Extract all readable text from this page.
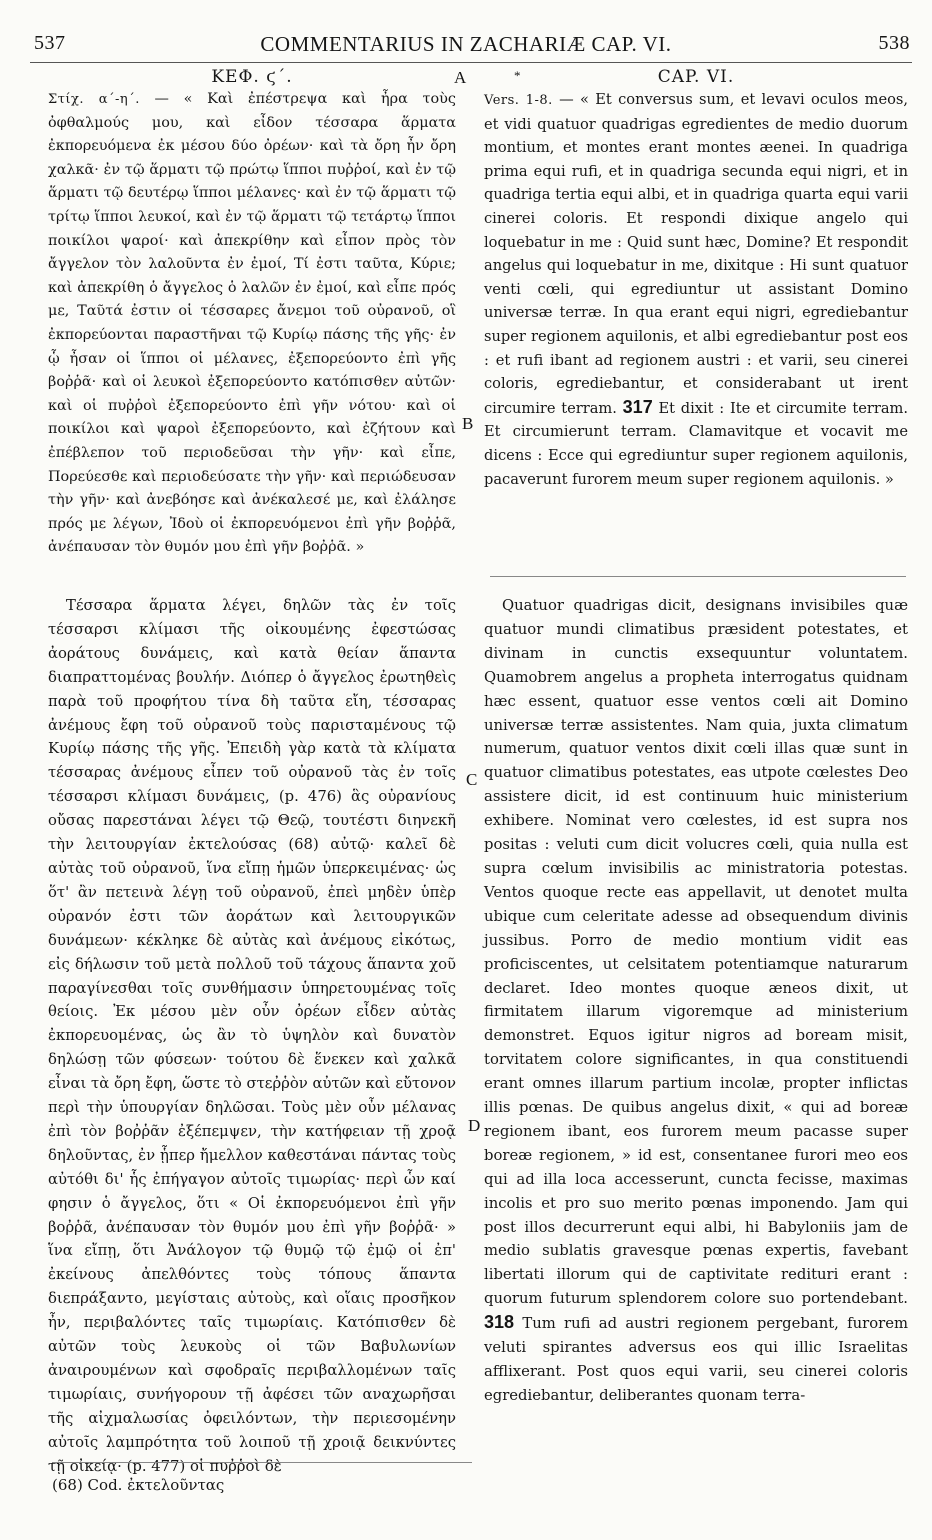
537	COMMENTARIUS IN ZACHARIÆ CAP. VI.	538

ΚΕΦ. ϛ΄.

Στίχ. α΄-η΄. — « Καὶ ἐπέστρεψα καὶ ἦρα τοὺς ὀφθαλμούς μου, καὶ εἶδον τέσσαρα ἅρματα ἐκπορευόμενα ἐκ μέσου δύο ὀρέων· καὶ τὰ ὄρη ἦν ὄρη χαλκᾶ· ἐν τῷ ἅρματι τῷ πρώτῳ ἵπποι πυῤῥοί, καὶ ἐν τῷ ἅρματι τῷ δευτέρῳ ἵπποι μέλανες· καὶ ἐν τῷ ἅρματι τῷ τρίτῳ ἵπποι λευκοί, καὶ ἐν τῷ ἅρματι τῷ τετάρτῳ ἵπποι ποικίλοι ψαροί· καὶ ἀπεκρίθην καὶ εἶπον πρὸς τὸν ἄγγελον τὸν λαλοῦντα ἐν ἐμοί, Τί ἐστι ταῦτα, Κύριε; καὶ ἀπεκρίθη ὁ ἄγγελος ὁ λαλῶν ἐν ἐμοί, καὶ εἶπε πρός με, Ταῦτά ἐστιν οἱ τέσσαρες ἄνεμοι τοῦ οὐρανοῦ, οἳ ἐκπορεύονται παραστῆναι τῷ Κυρίῳ πάσης τῆς γῆς· ἐν ᾧ ἦσαν οἱ ἵπποι οἱ μέλανες, ἐξεπορεύοντο ἐπὶ γῆς βοῤῥᾶ· καὶ οἱ λευκοὶ ἐξεπορεύοντο κατόπισθεν αὐτῶν· καὶ οἱ πυῤῥοὶ ἐξεπορεύοντο ἐπὶ γῆν νότου· καὶ οἱ ποικίλοι καὶ ψαροὶ ἐξεπορεύοντο, καὶ ἐζήτουν καὶ ἐπέβλεπον τοῦ περιοδεῦσαι τὴν γῆν· καὶ εἶπε, Πορεύεσθε καὶ περιοδεύσατε τὴν γῆν· καὶ περιώδευσαν τὴν γῆν· καὶ ἀνεβόησε καὶ ἀνέκαλεσέ με, καὶ ἐλάλησε πρός με λέγων, Ἰδοὺ οἱ ἐκπορευόμενοι ἐπὶ γῆν βοῤῥᾶ, ἀνέπαυσαν τὸν θυμόν μου ἐπὶ γῆν βοῤῥᾶ. »

CAP. VI.

Vers. 1-8. — « Et conversus sum, et levavi oculos meos, et vidi quatuor quadrigas egredientes de medio duorum montium, et montes erant montes æenei. In quadriga prima equi rufi, et in quadriga secunda equi nigri, et in quadriga tertia equi albi, et in quadriga quarta equi varii cinerei coloris. Et respondi dixique angelo qui loquebatur in me : Quid sunt hæc, Domine? Et respondit angelus qui loquebatur in me, dixitque : Hi sunt quatuor venti cœli, qui egrediuntur ut assistant Domino universæ terræ. In qua erant equi nigri, egrediebantur super regionem aquilonis, et albi egrediebantur post eos : et rufi ibant ad regionem austri : et varii, seu cinerei coloris, egrediebantur, et considerabant ut irent circumire terram. 317 Et dixit : Ite et circumite terram. Et circumierunt terram. Clamavitque et vocavit me dicens : Ecce qui egrediuntur super regionem aquilonis, pacaverunt furorem meum super regionem aquilonis. »

Τέσσαρα ἅρματα λέγει, δηλῶν τὰς ἐν τοῖς τέσσαρσι κλίμασι τῆς οἰκουμένης ἐφεστώσας ἀοράτους δυνάμεις, καὶ κατὰ θείαν ἅπαντα διαπραττομένας βουλήν. Διόπερ ὁ ἄγγελος ἐρωτηθεὶς παρὰ τοῦ προφήτου τίνα δὴ ταῦτα εἴη, τέσσαρας ἀνέμους ἔφη τοῦ οὐρανοῦ τοὺς παρισταμένους τῷ Κυρίῳ πάσης τῆς γῆς. Ἐπειδὴ γὰρ κατὰ τὰ κλίματα τέσσαρας ἀνέμους εἶπεν τοῦ οὐρανοῦ τὰς ἐν τοῖς τέσσαρσι κλίμασι δυνάμεις, (p. 476) ἃς οὐρανίους οὔσας παρεστάναι λέγει τῷ Θεῷ, τουτέστι διηνεκῆ τὴν λειτουργίαν ἐκτελούσας (68) αὐτῷ· καλεῖ δὲ αὐτὰς τοῦ οὐρανοῦ, ἵνα εἴπῃ ἡμῶν ὑπερκειμένας· ὡς ὅτ' ἂν πετεινὰ λέγῃ τοῦ οὐρανοῦ, ἐπεὶ μηδὲν ὑπὲρ οὐρανόν ἐστι τῶν ἀοράτων καὶ λειτουργικῶν δυνάμεων· κέκληκε δὲ αὐτὰς καὶ ἀνέμους εἰκότως, εἰς δήλωσιν τοῦ μετὰ πολλοῦ τοῦ τάχους ἅπαντα χοῦ παραγίνεσθαι τοῖς συνθήμασιν ὑπηρετουμένας τοῖς θείοις. Ἐκ μέσου μὲν οὖν ὀρέων εἶδεν αὐτὰς ἐκπορευομένας, ὡς ἂν τὸ ὑψηλὸν καὶ δυνατὸν δηλώσῃ τῶν φύσεων· τούτου δὲ ἕνεκεν καὶ χαλκᾶ εἶναι τὰ ὄρη ἔφη, ὥστε τὸ στεῤῥὸν αὐτῶν καὶ εὔτονον περὶ τὴν ὑπουργίαν δηλῶσαι. Τοὺς μὲν οὖν μέλανας ἐπὶ τὸν βοῤῥᾶν ἐξέπεμψεν, τὴν κατήφειαν τῇ χροᾷ δηλοῦντας, ἐν ᾗπερ ἤμελλον καθεστάναι πάντας τοὺς αὐτόθι δι' ἧς ἐπήγαγον αὐτοῖς τιμωρίας· περὶ ὧν καί φησιν ὁ ἄγγελος, ὅτι « Οἱ ἐκπορευόμενοι ἐπὶ γῆν βοῤῥᾶ, ἀνέπαυσαν τὸν θυμόν μου ἐπὶ γῆν βοῤῥᾶ· » ἵνα εἴπῃ, ὅτι Ἀνάλογον τῷ θυμῷ τῷ ἐμῷ οἱ ἐπ' ἐκείνους ἀπελθόντες τοὺς τόπους ἅπαντα διεπράξαντο, μεγίσταις αὐτοὺς, καὶ οἵαις προσῆκον ἦν, περιβαλόντες ταῖς τιμωρίαις. Κατόπισθεν δὲ αὐτῶν τοὺς λευκοὺς οἱ τῶν Βαβυλωνίων ἀναιρουμένων καὶ σφοδραῖς περιβαλλομένων ταῖς τιμωρίαις, συνήγορουν τῇ ἀφέσει τῶν αναχωρῆσαι τῆς αἰχμαλωσίας ὀφειλόντων, τὴν περιεσομένην αὐτοῖς λαμπρότητα τοῦ λοιποῦ τῇ χροιᾷ δεικνύντες τῇ οἰκείᾳ· (p. 477) οἱ πυῤῥοὶ δὲ

Quatuor quadrigas dicit, designans invisibiles quæ quatuor mundi climatibus præsident potestates, et divinam in cunctis exsequuntur voluntatem. Quamobrem angelus a propheta interrogatus quidnam hæc essent, quatuor esse ventos cœli ait Domino universæ terræ assistentes. Nam quia, juxta climatum numerum, quatuor ventos dixit cœli illas quæ sunt in quatuor climatibus potestates, eas utpote cœlestes Deo assistere dicit, id est continuum huic ministerium exhibere. Nominat vero cœlestes, id est supra nos positas : veluti cum dicit volucres cœli, quia nulla est supra cœlum invisibilis ac ministratoria potestas. Ventos quoque recte eas appellavit, ut denotet multa ubique cum celeritate adesse ad obsequendum divinis jussibus. Porro de medio montium vidit eas proficiscentes, ut celsitatem potentiamque naturarum declaret. Ideo montes quoque æneos dixit, ut firmitatem illarum vigoremque ad ministerium demonstret. Equos igitur nigros ad boream misit, torvitatem colore significantes, in qua constituendi erant omnes illarum partium incolæ, propter inflictas illis pœnas. De quibus angelus dixit, « qui ad boreæ regionem ibant, eos furorem meum pacasse super boreæ regionem, » id est, consentanee furori meo eos qui ad illa loca accesserunt, cuncta fecisse, maximas incolis et pro suo merito pœnas imponendo. Jam qui post illos decurrerunt equi albi, hi Babyloniis jam de medio sublatis gravesque pœnas expertis, favebant libertati illorum qui de captivitate redituri erant : quorum futurum splendorem colore suo portendebant. 318 Tum rufi ad austri regionem pergebant, furorem veluti spirantes adversus eos qui illic Israelitas afflixerant. Post quos equi varii, seu cinerei coloris egrediebantur, deliberantes quonam terra-

A	*
B
C
D
(68) Cod. ἐκτελοῦντας
